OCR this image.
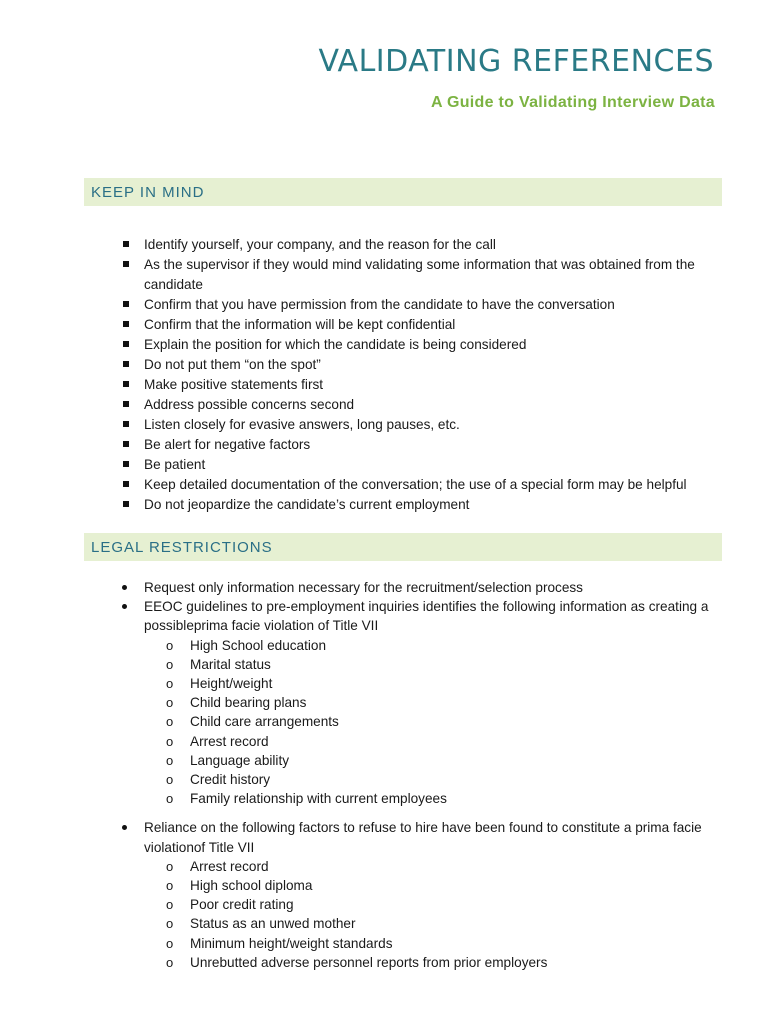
VALIDATING REFERENCES
A Guide to Validating Interview Data
KEEP IN MIND
Identify yourself, your company, and the reason for the call
As the supervisor if they would mind validating some information that was obtained from the candidate
Confirm that you have permission from the candidate to have the conversation
Confirm that the information will be kept confidential
Explain the position for which the candidate is being considered
Do not put them “on the spot”
Make positive statements first
Address possible concerns second
Listen closely for evasive answers, long pauses, etc.
Be alert for negative factors
Be patient
Keep detailed documentation of the conversation; the use of a special form may be helpful
Do not jeopardize the candidate’s current employment
LEGAL RESTRICTIONS
Request only information necessary for the recruitment/selection process
EEOC guidelines to pre-employment inquiries identifies the following information as creating a possibleprima facie violation of Title VII
o High School education
o Marital status
o Height/weight
o Child bearing plans
o Child care arrangements
o Arrest record
o Language ability
o Credit history
o Family relationship with current employees
Reliance on the following factors to refuse to hire have been found to constitute a prima facie violationof Title VII
o Arrest record
o High school diploma
o Poor credit rating
o Status as an unwed mother
o Minimum height/weight standards
o Unrebutted adverse personnel reports from prior employers
